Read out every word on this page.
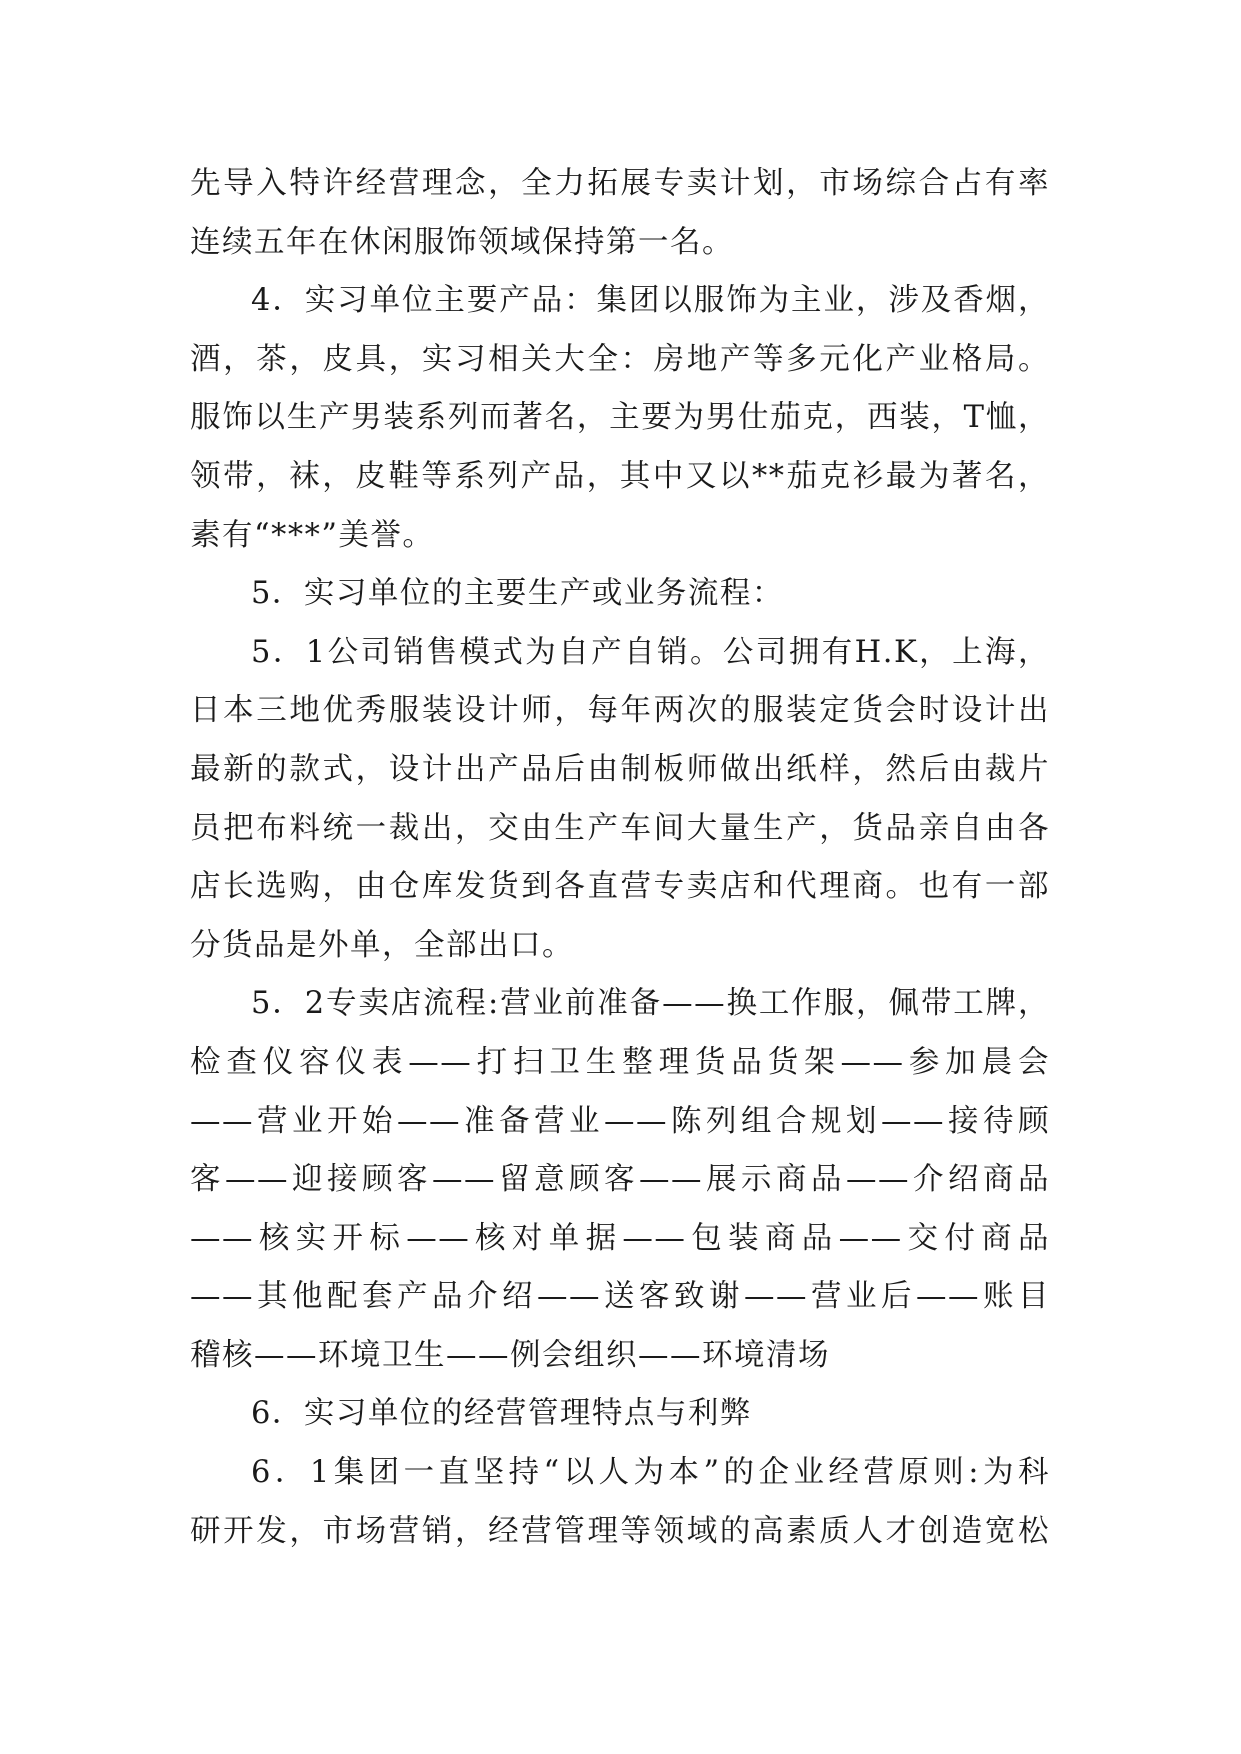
先导入特许经营理念，全力拓展专卖计划，市场综合占有率
连续五年在休闲服饰领域保持第一名。
4．实习单位主要产品：集团以服饰为主业，涉及香烟，
酒，茶，皮具，实习相关大全：房地产等多元化产业格局。
服饰以生产男装系列而著名，主要为男仕茄克，西装，T恤，
领带，袜，皮鞋等系列产品，其中又以**茄克衫最为著名，
素有“***”美誉。
5．实习单位的主要生产或业务流程：
5．1公司销售模式为自产自销。公司拥有H.K，上海，
日本三地优秀服装设计师，每年两次的服装定货会时设计出
最新的款式，设计出产品后由制板师做出纸样，然后由裁片
员把布料统一裁出，交由生产车间大量生产，货品亲自由各
店长选购，由仓库发货到各直营专卖店和代理商。也有一部
分货品是外单，全部出口。
5．2专卖店流程:营业前准备——换工作服，佩带工牌，
检查仪容仪表——打扫卫生整理货品货架——参加晨会
——营业开始——准备营业——陈列组合规划——接待顾
客——迎接顾客——留意顾客——展示商品——介绍商品
——核实开标——核对单据——包装商品——交付商品
——其他配套产品介绍——送客致谢——营业后——账目
稽核——环境卫生——例会组织——环境清场
6．实习单位的经营管理特点与利弊
6．1集团一直坚持“以人为本”的企业经营原则:为科
研开发，市场营销，经营管理等领域的高素质人才创造宽松
